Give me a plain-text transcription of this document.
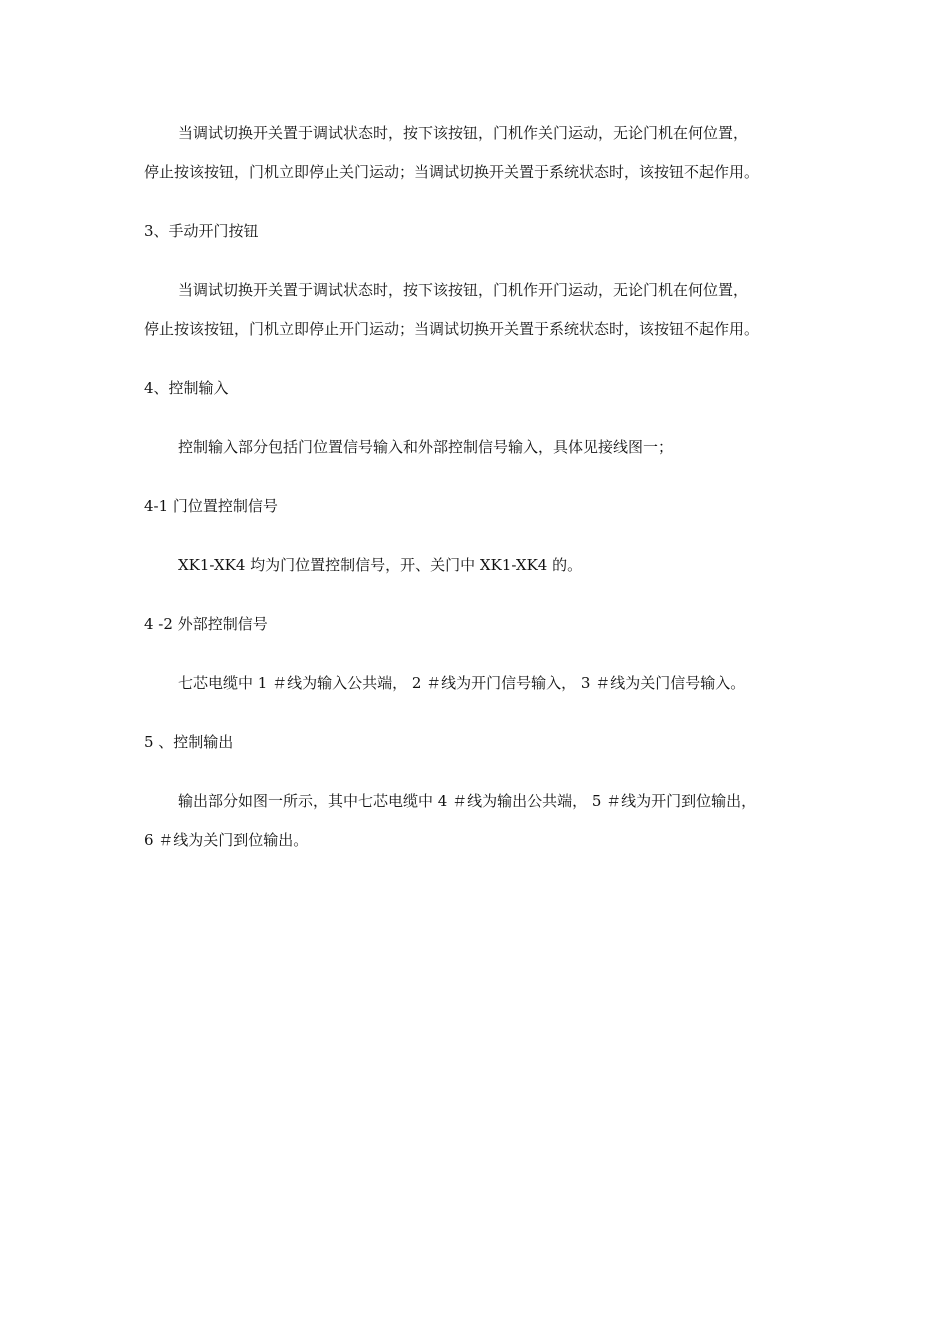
当调试切换开关置于调试状态时，按下该按钮，门机作关门运动，无论门机在何位置，
停止按该按钮，门机立即停止关门运动；当调试切换开关置于系统状态时，该按钮不起作用。
3、手动开门按钮
当调试切换开关置于调试状态时，按下该按钮，门机作开门运动，无论门机在何位置，
停止按该按钮，门机立即停止开门运动；当调试切换开关置于系统状态时，该按钮不起作用。
4、控制输入
控制输入部分包括门位置信号输入和外部控制信号输入，具体见接线图一；
4-1 门位置控制信号
XK1-XK4 均为门位置控制信号，开、关门中 XK1-XK4 的。
4 -2 外部控制信号
七芯电缆中 1 ＃线为输入公共端， 2 ＃线为开门信号输入， 3 ＃线为关门信号输入。
5 、控制输出
输出部分如图一所示，其中七芯电缆中 4 ＃线为输出公共端， 5 ＃线为开门到位输出，
6 ＃线为关门到位输出。
